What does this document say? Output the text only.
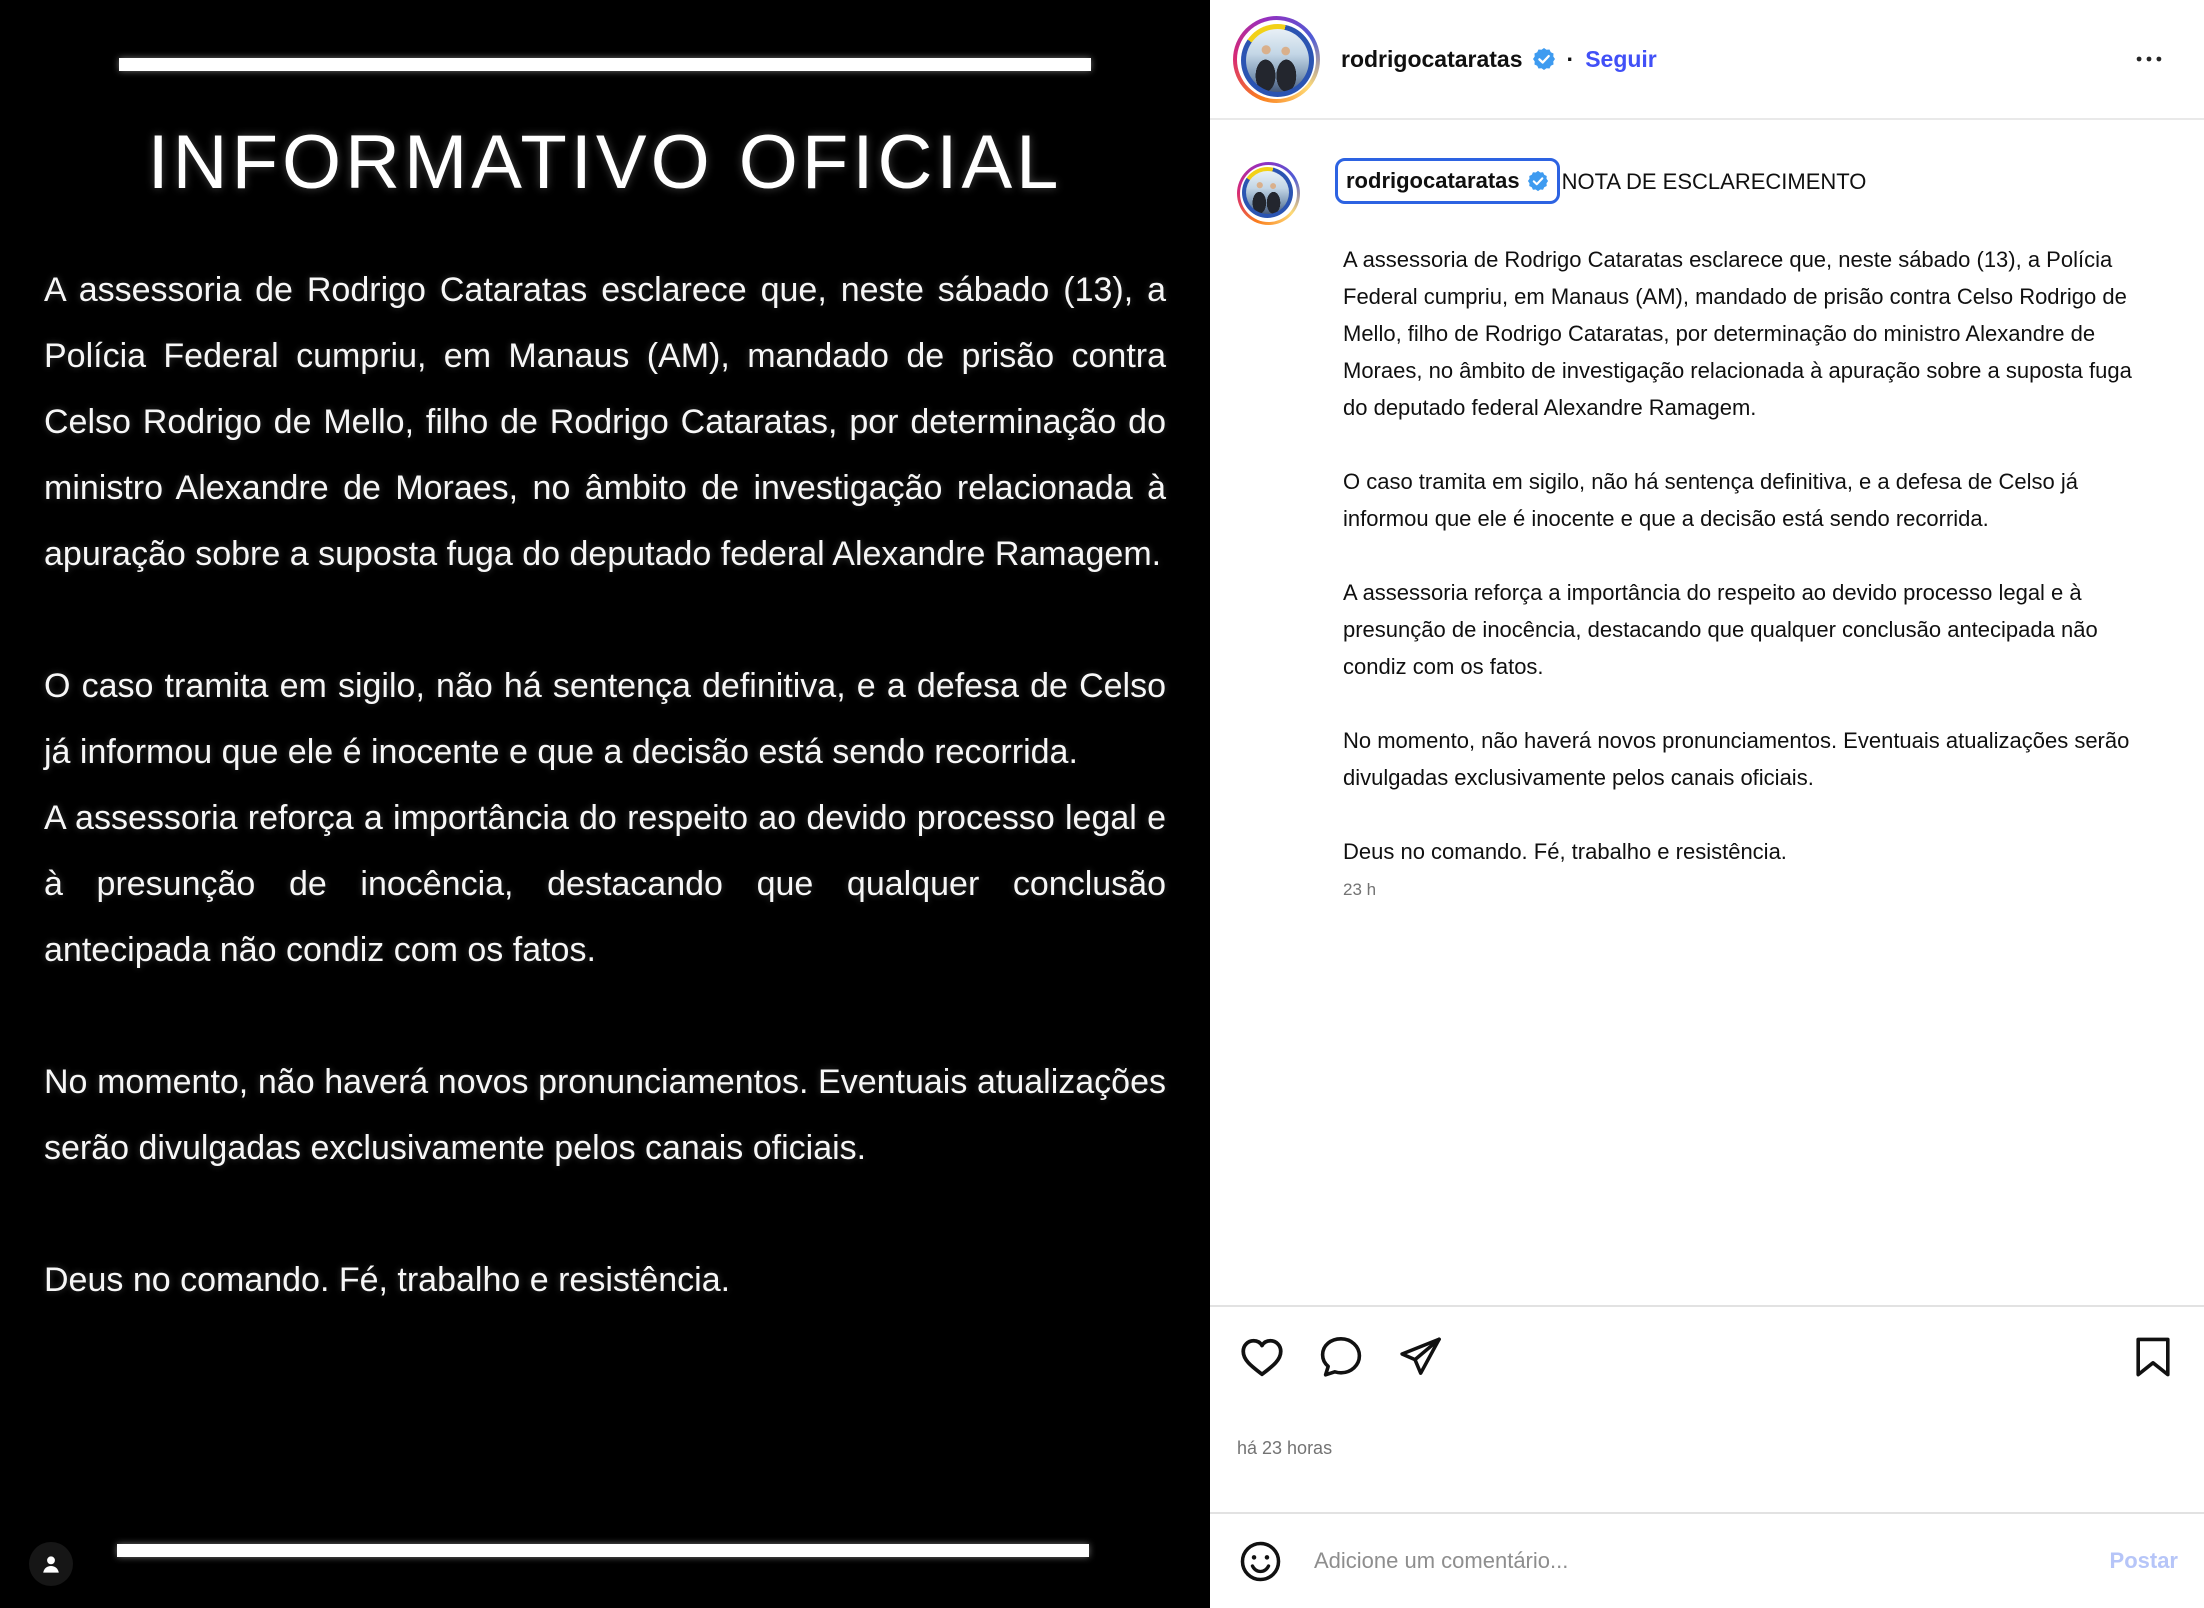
INFORMATIVO OFICIAL

A assessoria de Rodrigo Cataratas esclarece que, neste sábado (13), a Polícia Federal cumpriu, em Manaus (AM), mandado de prisão contra Celso Rodrigo de Mello, filho de Rodrigo Cataratas, por determinação do ministro Alexandre de Moraes, no âmbito de investigação relacionada à apuração sobre a suposta fuga do deputado federal Alexandre Ramagem.

O caso tramita em sigilo, não há sentença definitiva, e a defesa de Celso já informou que ele é inocente e que a decisão está sendo recorrida.

A assessoria reforça a importância do respeito ao devido processo legal e à presunção de inocência, destacando que qualquer conclusão antecipada não condiz com os fatos.

No momento, não haverá novos pronunciamentos. Eventuais atualizações serão divulgadas exclusivamente pelos canais oficiais.

Deus no comando. Fé, trabalho e resistência.

rodrigocataratas · Seguir
rodrigocataratas NOTA DE ESCLARECIMENTO

A assessoria de Rodrigo Cataratas esclarece que, neste sábado (13), a Polícia Federal cumpriu, em Manaus (AM), mandado de prisão contra Celso Rodrigo de Mello, filho de Rodrigo Cataratas, por determinação do ministro Alexandre de Moraes, no âmbito de investigação relacionada à apuração sobre a suposta fuga do deputado federal Alexandre Ramagem.

O caso tramita em sigilo, não há sentença definitiva, e a defesa de Celso já informou que ele é inocente e que a decisão está sendo recorrida.

A assessoria reforça a importância do respeito ao devido processo legal e à presunção de inocência, destacando que qualquer conclusão antecipada não condiz com os fatos.

No momento, não haverá novos pronunciamentos. Eventuais atualizações serão divulgadas exclusivamente pelos canais oficiais.

Deus no comando. Fé, trabalho e resistência.

23 h
há 23 horas
Adicione um comentário...
Postar
